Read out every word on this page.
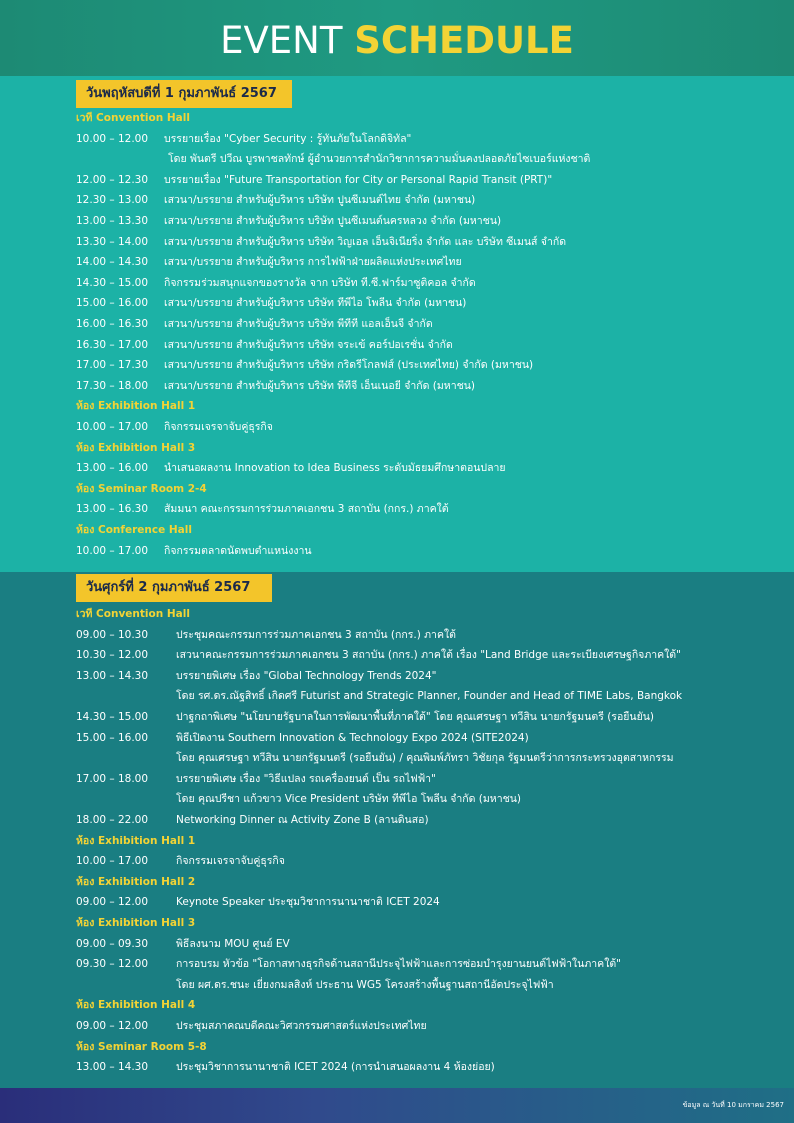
EVENT SCHEDULE
วันพฤหัสบดีที่ 1 กุมภาพันธ์ 2567
วันศุกร์ที่ 2 กุมภาพันธ์ 2567
เวที Convention Hall
10.00 – 12.00 บรรยายเรื่อง "Cyber Security : รู้ทันภัยในโลกดิจิทัล"
โดย พันตรี ปวีณ บูรพาชลทักษ์ ผู้อำนวยการสำนักวิชาการความมั่นคงปลอดภัยไซเบอร์แห่งชาติ
12.00 – 12.30 บรรยายเรื่อง "Future Transportation for City or Personal Rapid Transit (PRT)"
12.30 – 13.00 เสวนา/บรรยาย สำหรับผู้บริหาร บริษัท ปูนซีเมนต์ไทย จำกัด (มหาชน)
13.00 – 13.30 เสวนา/บรรยาย สำหรับผู้บริหาร บริษัท ปูนซีเมนต์นครหลวง จำกัด (มหาชน)
13.30 – 14.00 เสวนา/บรรยาย สำหรับผู้บริหาร บริษัท วิญเอล เอ็นจิเนียริ่ง จำกัด และ บริษัท ซีเมนส์ จำกัด
14.00 – 14.30 เสวนา/บรรยาย สำหรับผู้บริหาร การไฟฟ้าฝ่ายผลิตแห่งประเทศไทย
14.30 – 15.00 กิจกรรมร่วมสนุกแจกของรางวัล จาก บริษัท ที.ซี.ฟาร์มาซูติคอล จำกัด
15.00 – 16.00 เสวนา/บรรยาย สำหรับผู้บริหาร บริษัท ทีพีไอ โพลีน จำกัด (มหาชน)
16.00 – 16.30 เสวนา/บรรยาย สำหรับผู้บริหาร บริษัท พีทีที แอลเอ็นจี จำกัด
16.30 – 17.00 เสวนา/บรรยาย สำหรับผู้บริหาร บริษัท จระเข้ คอร์ปอเรชั่น จำกัด
17.00 – 17.30 เสวนา/บรรยาย สำหรับผู้บริหาร บริษัท กริดรีโกลฟส์ (ประเทศไทย) จำกัด (มหาชน)
17.30 – 18.00 เสวนา/บรรยาย สำหรับผู้บริหาร บริษัท พีทีจี เอ็นเนอยี จำกัด (มหาชน)
ห้อง Exhibition Hall 1
10.00 – 17.00 กิจกรรมเจรจาจับคู่ธุรกิจ
ห้อง Exhibition Hall 3
13.00 – 16.00 นำเสนอผลงาน Innovation to Idea Business ระดับมัธยมศึกษาตอนปลาย
ห้อง Seminar Room 2-4
13.00 – 16.30 สัมมนา คณะกรรมการร่วมภาคเอกชน 3 สถาบัน (กกร.) ภาคใต้
ห้อง Conference Hall
10.00 – 17.00 กิจกรรมตลาดนัดพบตำแหน่งงาน
เวที Convention Hall
09.00 – 10.30	ประชุมคณะกรรมการร่วมภาคเอกชน 3 สถาบัน (กกร.) ภาคใต้
10.30 – 12.00	เสวนาคณะกรรมการร่วมภาคเอกชน 3 สถาบัน (กกร.) ภาคใต้ เรื่อง "Land Bridge และระเบียงเศรษฐกิจภาคใต้"
13.00 – 14.30	บรรยายพิเศษ เรื่อง "Global Technology Trends 2024"
โดย รศ.ดร.ณัฐสิทธิ์ เกิดศรี Futurist and Strategic Planner, Founder and Head of TIME Labs, Bangkok
14.30 – 15.00	ปาฐกถาพิเศษ "นโยบายรัฐบาลในการพัฒนาพื้นที่ภาคใต้" โดย คุณเศรษฐา ทวีสิน นายกรัฐมนตรี (รอยืนยัน)
15.00 – 16.00	พิธีเปิดงาน Southern Innovation & Technology Expo 2024 (SITE2024)
โดย คุณเศรษฐา ทวีสิน นายกรัฐมนตรี (รอยืนยัน) / คุณพิมพ์ภัทรา วิชัยกุล รัฐมนตรีว่าการกระทรวงอุตสาหกรรม
17.00 – 18.00	บรรยายพิเศษ เรื่อง "วิธีแปลง รถเครื่องยนต์ เป็น รถไฟฟ้า"
โดย คุณปรีชา แก้วขาว Vice President บริษัท ทีพีไอ โพลีน จำกัด (มหาชน)
18.00 – 22.00	Networking Dinner ณ Activity Zone B (ลานดินสอ)
ห้อง Exhibition Hall 1
10.00 – 17.00	กิจกรรมเจรจาจับคู่ธุรกิจ
ห้อง Exhibition Hall 2
09.00 – 12.00	Keynote Speaker ประชุมวิชาการนานาชาติ ICET 2024
ห้อง Exhibition Hall 3
09.00 – 09.30	พิธีลงนาม MOU ศูนย์ EV
09.30 – 12.00	การอบรม หัวข้อ "โอกาสทางธุรกิจด้านสถานีประจุไฟฟ้าและการซ่อมบำรุงยานยนต์ไฟฟ้าในภาคใต้"
โดย ผศ.ดร.ชนะ เยี่ยงกมลสิงห์ ประธาน WG5 โครงสร้างพื้นฐานสถานีอัดประจุไฟฟ้า
ห้อง Exhibition Hall 4
09.00 – 12.00	ประชุมสภาคณบดีคณะวิศวกรรมศาสตร์แห่งประเทศไทย
ห้อง Seminar Room 5-8
13.00 – 14.30	ประชุมวิชาการนานาชาติ ICET 2024 (การนำเสนอผลงาน 4 ห้องย่อย)
ข้อมูล ณ วันที่ 10 มกราคม 2567
